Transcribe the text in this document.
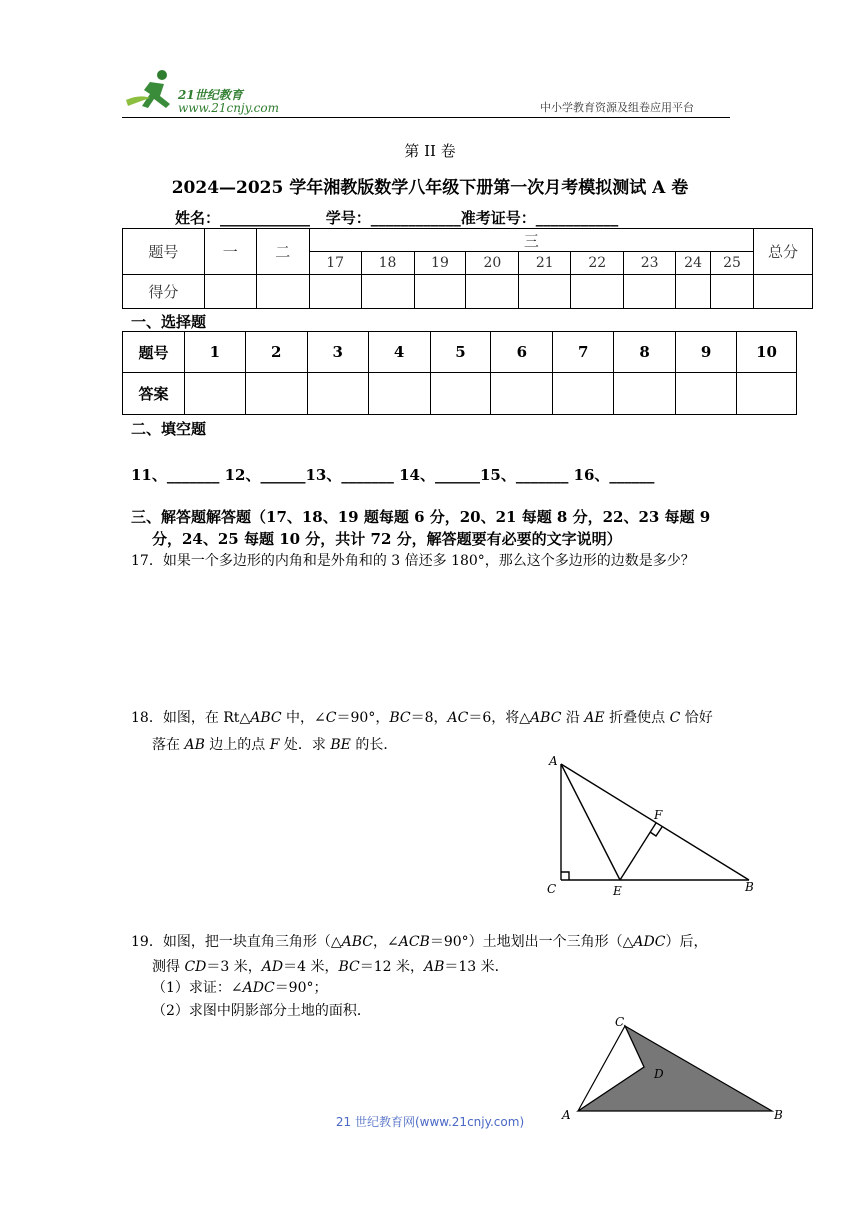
21世纪教育
www.21cnjy.com	中小学教育资源及组卷应用平台
第 II 卷
2024—2025 学年湘教版数学八年级下册第一次月考模拟测试 A 卷
姓名：____________ 学号：____________准考证号：___________
题号	一	二	三									总分
			17	18	19	20	21	22	23	24	25	
得分												
一、选择题
题号	1	2	3	4	5	6	7	8	9	10
答案										
二、填空题
11、_______ 12、______13、_______ 14、______15、_______ 16、______
三、解答题解答题（17、18、19 题每题 6 分，20、21 每题 8 分，22、23 每题 9
分，24、25 每题 10 分，共计 72 分，解答题要有必要的文字说明）
17．如果一个多边形的内角和是外角和的 3 倍还多 180°，那么这个多边形的边数是多少？
18．如图，在 Rt△ABC 中，∠C＝90°，BC＝8，AC＝6，将△ABC 沿 AE 折叠使点 C 恰好
落在 AB 边上的点 F 处．求 BE 的长．
A
F
C	E	B
19．如图，把一块直角三角形（△ABC，∠ACB＝90°）土地划出一个三角形（△ADC）后，
测得 CD＝3 米，AD＝4 米，BC＝12 米，AB＝13 米．
（1）求证：∠ADC＝90°；
（2）求图中阴影部分土地的面积．
C
D
A	B
21 世纪教育网(www.21cnjy.com)
